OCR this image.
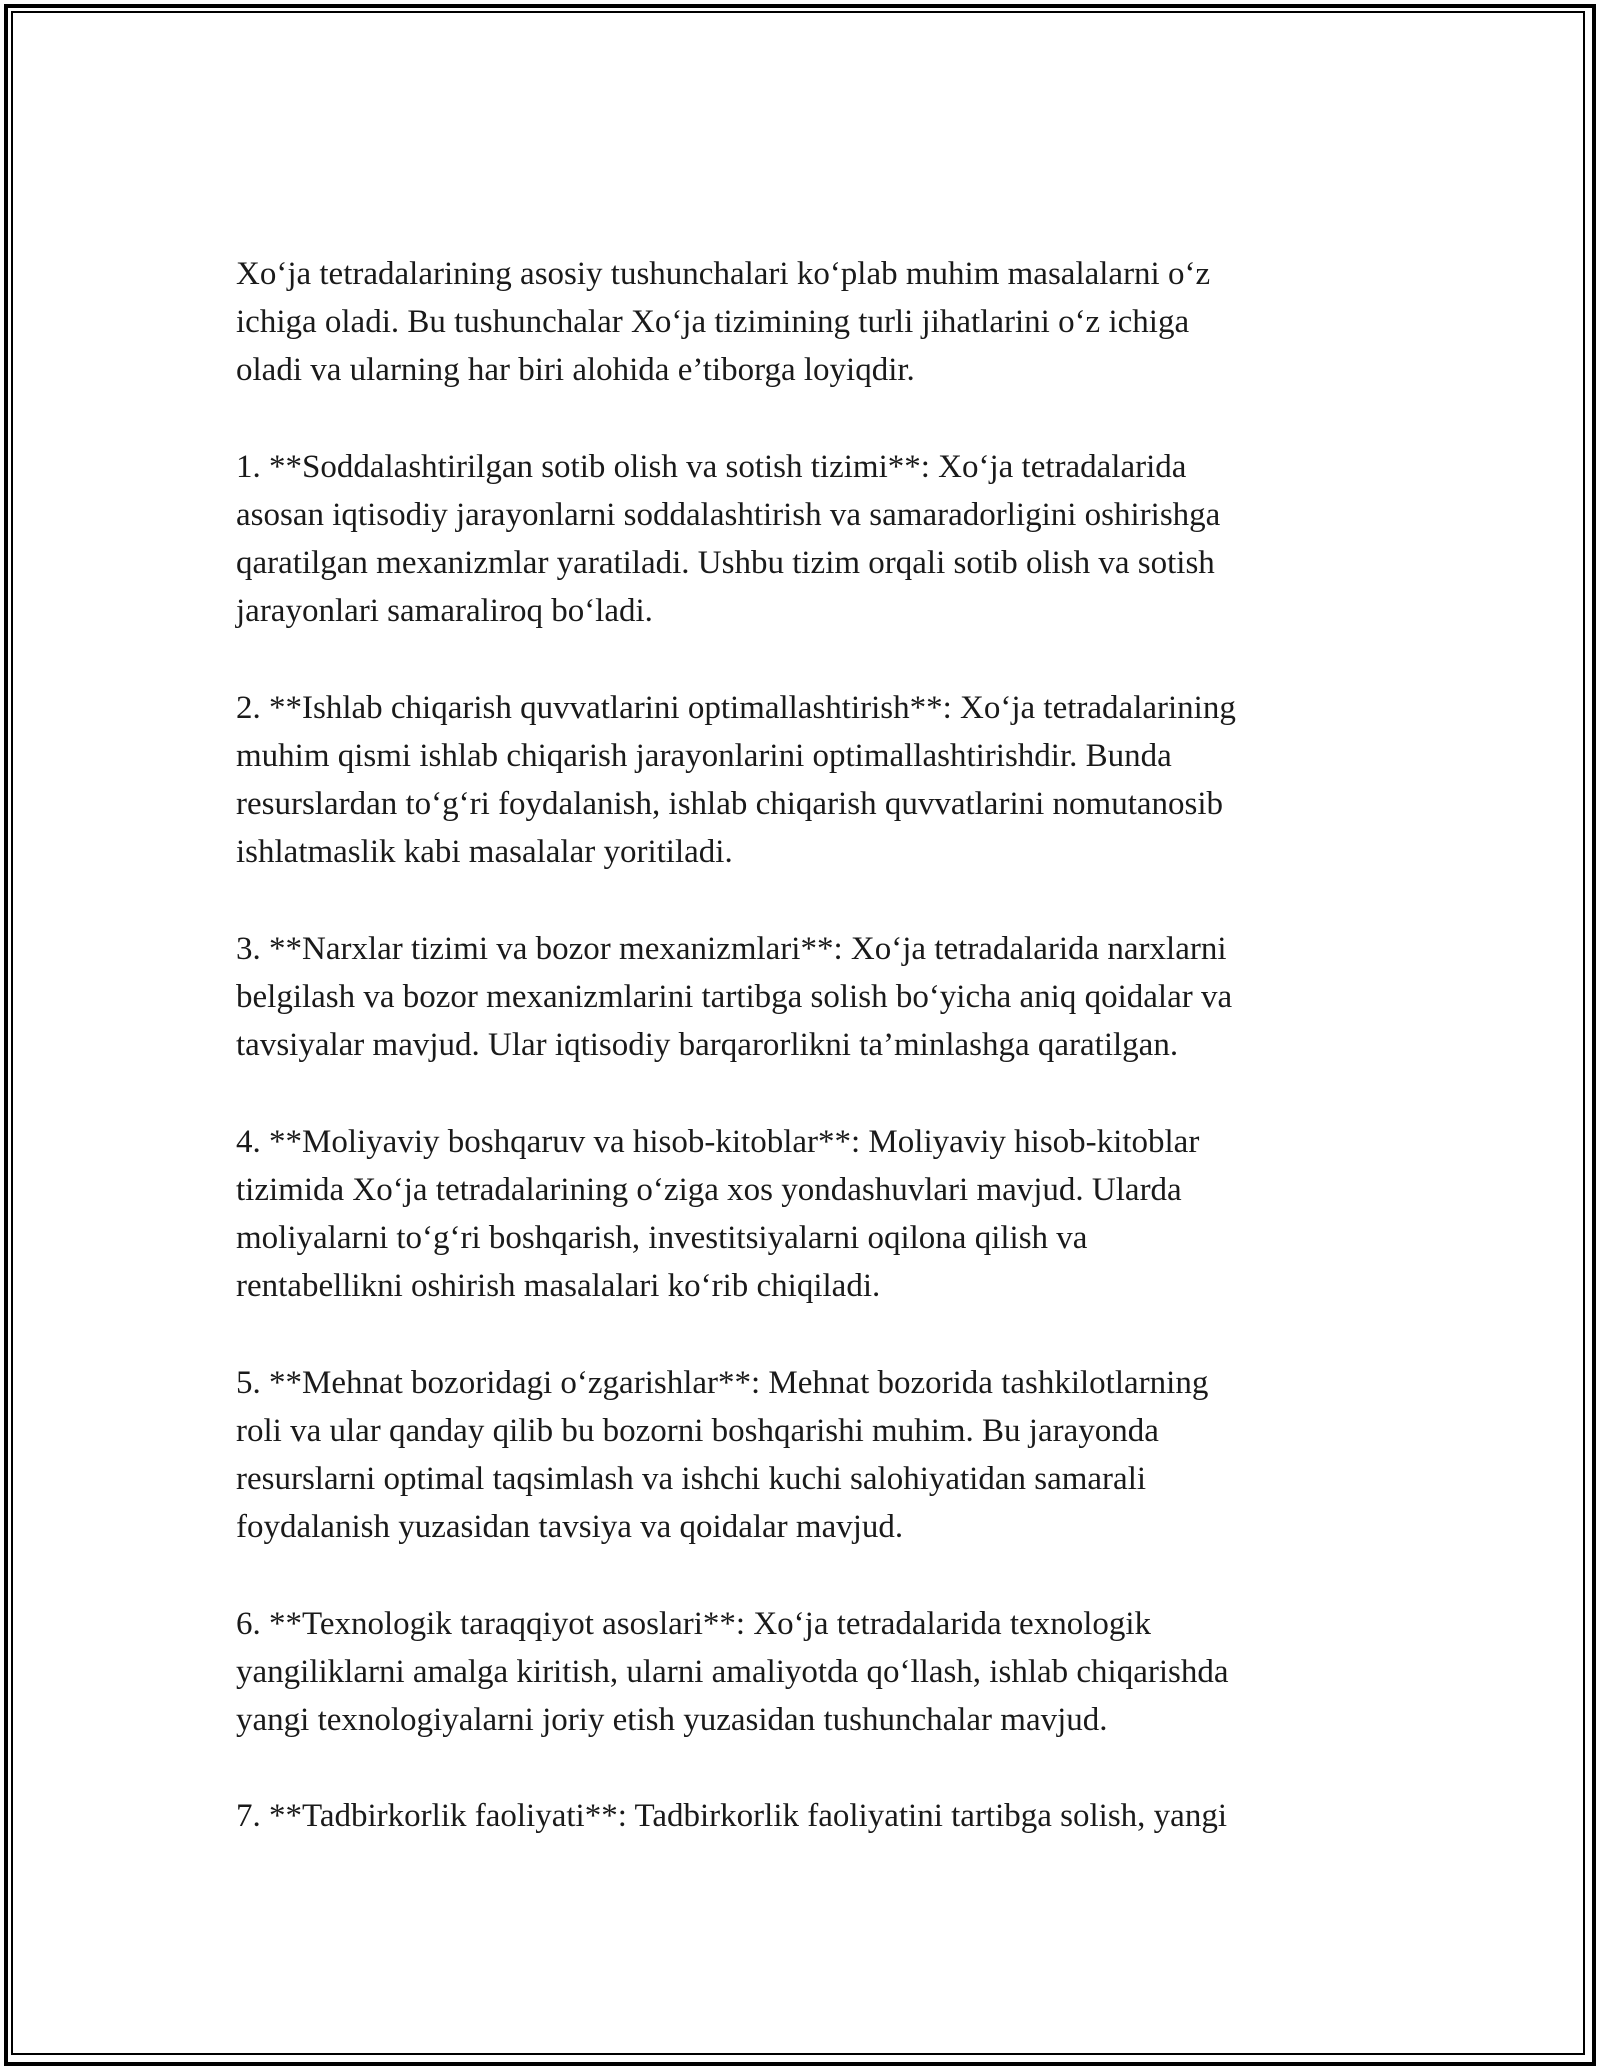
Xo‘ja tetradalarining asosiy tushunchalari ko‘plab muhim masalalarni o‘z
ichiga oladi. Bu tushunchalar Xo‘ja tizimining turli jihatlarini o‘z ichiga
oladi va ularning har biri alohida e’tiborga loyiqdir.

1. **Soddalashtirilgan sotib olish va sotish tizimi**: Xo‘ja tetradalarida
asosan iqtisodiy jarayonlarni soddalashtirish va samaradorligini oshirishga
qaratilgan mexanizmlar yaratiladi. Ushbu tizim orqali sotib olish va sotish
jarayonlari samaraliroq bo‘ladi.

2. **Ishlab chiqarish quvvatlarini optimallashtirish**: Xo‘ja tetradalarining
muhim qismi ishlab chiqarish jarayonlarini optimallashtirishdir. Bunda
resurslardan to‘g‘ri foydalanish, ishlab chiqarish quvvatlarini nomutanosib
ishlatmaslik kabi masalalar yoritiladi.

3. **Narxlar tizimi va bozor mexanizmlari**: Xo‘ja tetradalarida narxlarni
belgilash va bozor mexanizmlarini tartibga solish bo‘yicha aniq qoidalar va
tavsiyalar mavjud. Ular iqtisodiy barqarorlikni ta’minlashga qaratilgan.

4. **Moliyaviy boshqaruv va hisob-kitoblar**: Moliyaviy hisob-kitoblar
tizimida Xo‘ja tetradalarining o‘ziga xos yondashuvlari mavjud. Ularda
moliyalarni to‘g‘ri boshqarish, investitsiyalarni oqilona qilish va
rentabellikni oshirish masalalari ko‘rib chiqiladi.

5. **Mehnat bozoridagi o‘zgarishlar**: Mehnat bozorida tashkilotlarning
roli va ular qanday qilib bu bozorni boshqarishi muhim. Bu jarayonda
resurslarni optimal taqsimlash va ishchi kuchi salohiyatidan samarali
foydalanish yuzasidan tavsiya va qoidalar mavjud.

6. **Texnologik taraqqiyot asoslari**: Xo‘ja tetradalarida texnologik
yangiliklarni amalga kiritish, ularni amaliyotda qo‘llash, ishlab chiqarishda
yangi texnologiyalarni joriy etish yuzasidan tushunchalar mavjud.

7. **Tadbirkorlik faoliyati**: Tadbirkorlik faoliyatini tartibga solish, yangi
